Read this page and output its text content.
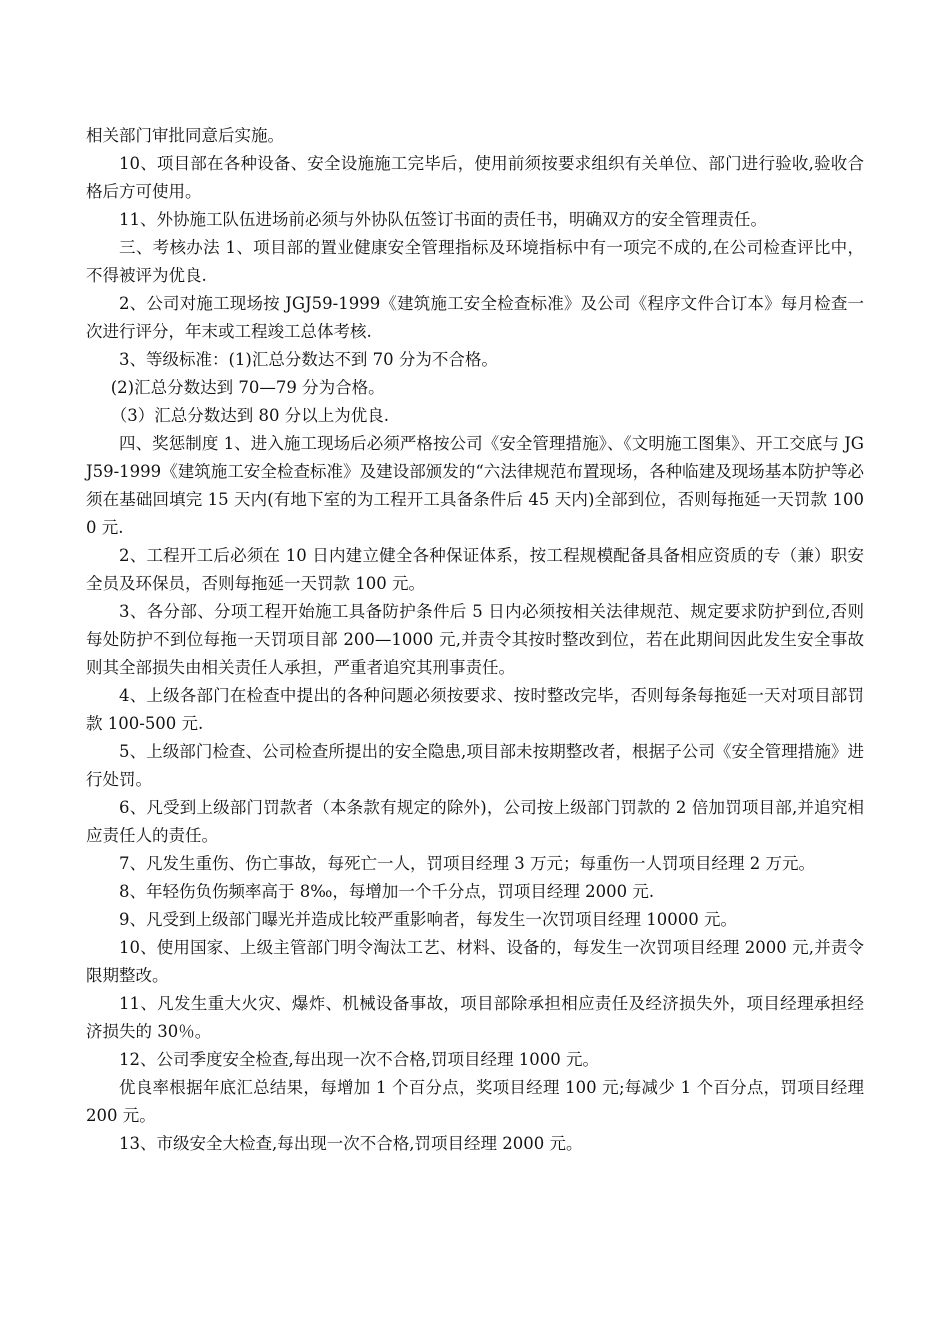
相关部门审批同意后实施。

10、项目部在各种设备、安全设施施工完毕后，使用前须按要求组织有关单位、部门进行验收,验收合格后方可使用。

11、外协施工队伍进场前必须与外协队伍签订书面的责任书，明确双方的安全管理责任。

三、考核办法 1、项目部的置业健康安全管理指标及环境指标中有一项完不成的,在公司检查评比中，不得被评为优良.

2、公司对施工现场按 JGJ59-1999《建筑施工安全检查标准》及公司《程序文件合订本》每月检查一次进行评分，年末或工程竣工总体考核.

3、等级标准：(1)汇总分数达不到 70 分为不合格。

(2)汇总分数达到 70—79 分为合格。

（3）汇总分数达到 80 分以上为优良.

四、奖惩制度 1、进入施工现场后必须严格按公司《安全管理措施》、《文明施工图集》、开工交底与 JGJ59-1999《建筑施工安全检查标准》及建设部颁发的“六法律规范布置现场，各种临建及现场基本防护等必须在基础回填完 15 天内(有地下室的为工程开工具备条件后 45 天内)全部到位，否则每拖延一天罚款 1000 元.

2、工程开工后必须在 10 日内建立健全各种保证体系，按工程规模配备具备相应资质的专（兼）职安全员及环保员，否则每拖延一天罚款 100 元。

3、各分部、分项工程开始施工具备防护条件后 5 日内必须按相关法律规范、规定要求防护到位,否则每处防护不到位每拖一天罚项目部 200—1000 元,并责令其按时整改到位，若在此期间因此发生安全事故则其全部损失由相关责任人承担，严重者追究其刑事责任。

4、上级各部门在检查中提出的各种问题必须按要求、按时整改完毕，否则每条每拖延一天对项目部罚款 100-500 元.

5、上级部门检查、公司检查所提出的安全隐患,项目部未按期整改者，根据子公司《安全管理措施》进行处罚。

6、凡受到上级部门罚款者（本条款有规定的除外)，公司按上级部门罚款的 2 倍加罚项目部,并追究相应责任人的责任。

7、凡发生重伤、伤亡事故，每死亡一人，罚项目经理 3 万元；每重伤一人罚项目经理 2 万元。

8、年轻伤负伤频率高于 8‰，每增加一个千分点，罚项目经理 2000 元.

9、凡受到上级部门曝光并造成比较严重影响者，每发生一次罚项目经理 10000 元。

10、使用国家、上级主管部门明令淘汰工艺、材料、设备的，每发生一次罚项目经理 2000 元,并责令限期整改。

11、凡发生重大火灾、爆炸、机械设备事故，项目部除承担相应责任及经济损失外，项目经理承担经济损失的 30％。

12、公司季度安全检查,每出现一次不合格,罚项目经理 1000 元。

优良率根据年底汇总结果，每增加 1 个百分点，奖项目经理 100 元;每减少 1 个百分点，罚项目经理 200 元。

13、市级安全大检查,每出现一次不合格,罚项目经理 2000 元。
